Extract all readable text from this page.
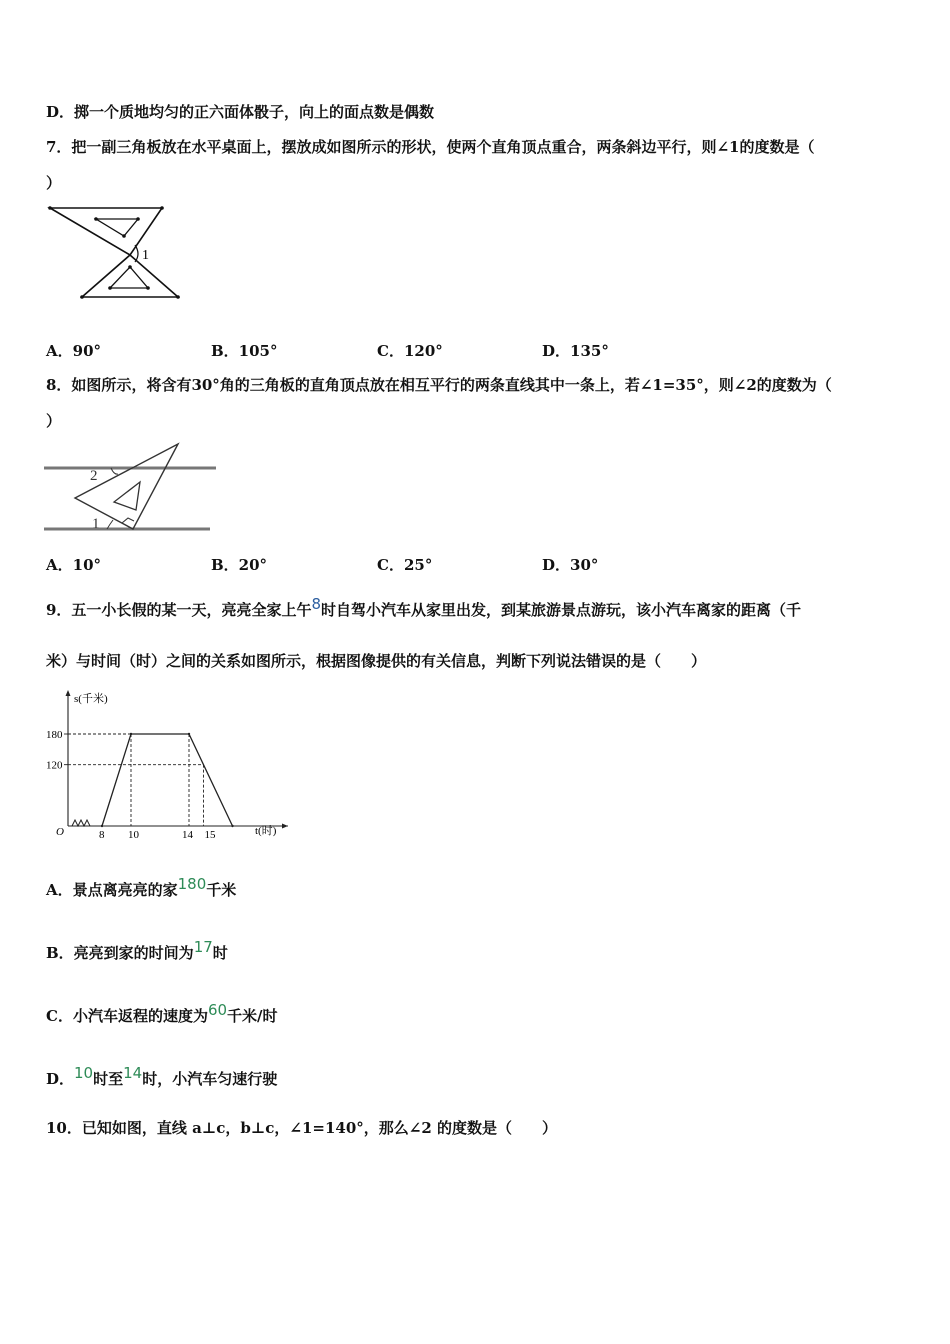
D．掷一个质地均匀的正六面体骰子，向上的面点数是偶数
7．把一副三角板放在水平桌面上，摆放成如图所示的形状，使两个直角顶点重合，两条斜边平行，则∠1的度数是（
）
1
A．90°	B．105°	C．120°	D．135°
8．如图所示，将含有30°角的三角板的直角顶点放在相互平行的两条直线其中一条上，若∠1=35°，则∠2的度数为（
）
2
1
A．10°	B．20°	C．25°	D．30°
9．五一小长假的某一天，亮亮全家上午8时自驾小汽车从家里出发，到某旅游景点游玩，该小汽车离家的距离（千
米）与时间（时）之间的关系如图所示，根据图像提供的有关信息，判断下列说法错误的是（　　）
s(千米)
t(时)
O
180
120
8 10	14 15
A．景点离亮亮的家180千米
B．亮亮到家的时间为17时
C．小汽车返程的速度为60千米/时
D．10时至14时，小汽车匀速行驶
10．已知如图，直线 a⊥c，b⊥c，∠1=140°，那么∠2 的度数是（　　）
